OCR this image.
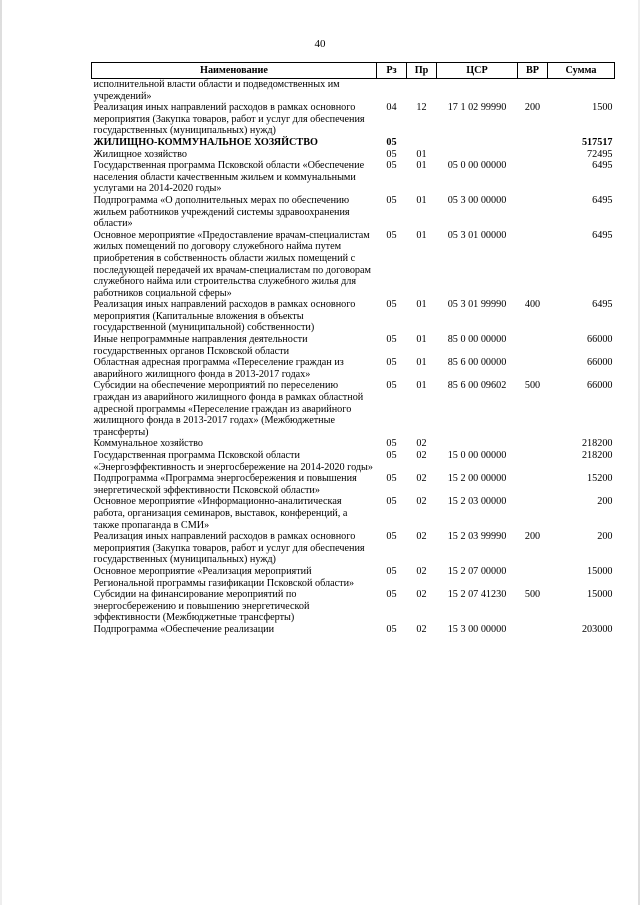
40
Наименование	Рз	Пр	ЦСР	ВР	Сумма
исполнительной власти области и подведомственных им учреждений»					
Реализация иных направлений расходов в рамках основного мероприятия (Закупка товаров, работ и услуг для обеспечения государственных (муниципальных) нужд)	04	12	17 1 02 99990	200	1500
ЖИЛИЩНО-КОММУНАЛЬНОЕ ХОЗЯЙСТВО	05				517517
Жилищное хозяйство	05	01			72495
Государственная программа Псковской области «Обеспечение населения области качественным жильем и коммунальными услугами на 2014-2020 годы»	05	01	05 0 00 00000		6495
Подпрограмма «О дополнительных мерах по обеспечению жильем работников учреждений системы здравоохранения области»	05	01	05 3 00 00000		6495
Основное мероприятие «Предоставление врачам-специалистам жилых помещений по договору служебного найма путем приобретения в собственность области жилых помещений с последующей передачей их врачам-специалистам по договорам служебного найма или строительства служебного жилья для работников социальной сферы»	05	01	05 3 01 00000		6495
Реализация иных направлений расходов в рамках основного мероприятия (Капитальные вложения в объекты государственной (муниципальной) собственности)	05	01	05 3 01 99990	400	6495
Иные непрограммные направления деятельности государственных органов Псковской области	05	01	85 0 00 00000		66000
Областная адресная программа «Переселение граждан из аварийного жилищного фонда в 2013-2017 годах»	05	01	85 6 00 00000		66000
Субсидии на обеспечение мероприятий по переселению граждан из аварийного жилищного фонда в рамках областной адресной программы «Переселение граждан из аварийного жилищного фонда в 2013-2017 годах» (Межбюджетные трансферты)	05	01	85 6 00 09602	500	66000
Коммунальное хозяйство	05	02			218200
Государственная программа Псковской области «Энергоэффективность и энергосбережение на 2014-2020 годы»	05	02	15 0 00 00000		218200
Подпрограмма «Программа энергосбережения и повышения энергетической эффективности Псковской области»	05	02	15 2 00 00000		15200
Основное мероприятие «Информационно-аналитическая работа, организация семинаров, выставок, конференций, а также пропаганда в СМИ»	05	02	15 2 03 00000		200
Реализация иных направлений расходов в рамках основного мероприятия (Закупка товаров, работ и услуг для обеспечения государственных (муниципальных) нужд)	05	02	15 2 03 99990	200	200
Основное мероприятие «Реализация мероприятий Региональной программы газификации Псковской области»	05	02	15 2 07 00000		15000
Субсидии на финансирование мероприятий по энергосбережению и повышению энергетической эффективности (Межбюджетные трансферты)	05	02	15 2 07 41230	500	15000
Подпрограмма «Обеспечение реализации	05	02	15 3 00 00000		203000
